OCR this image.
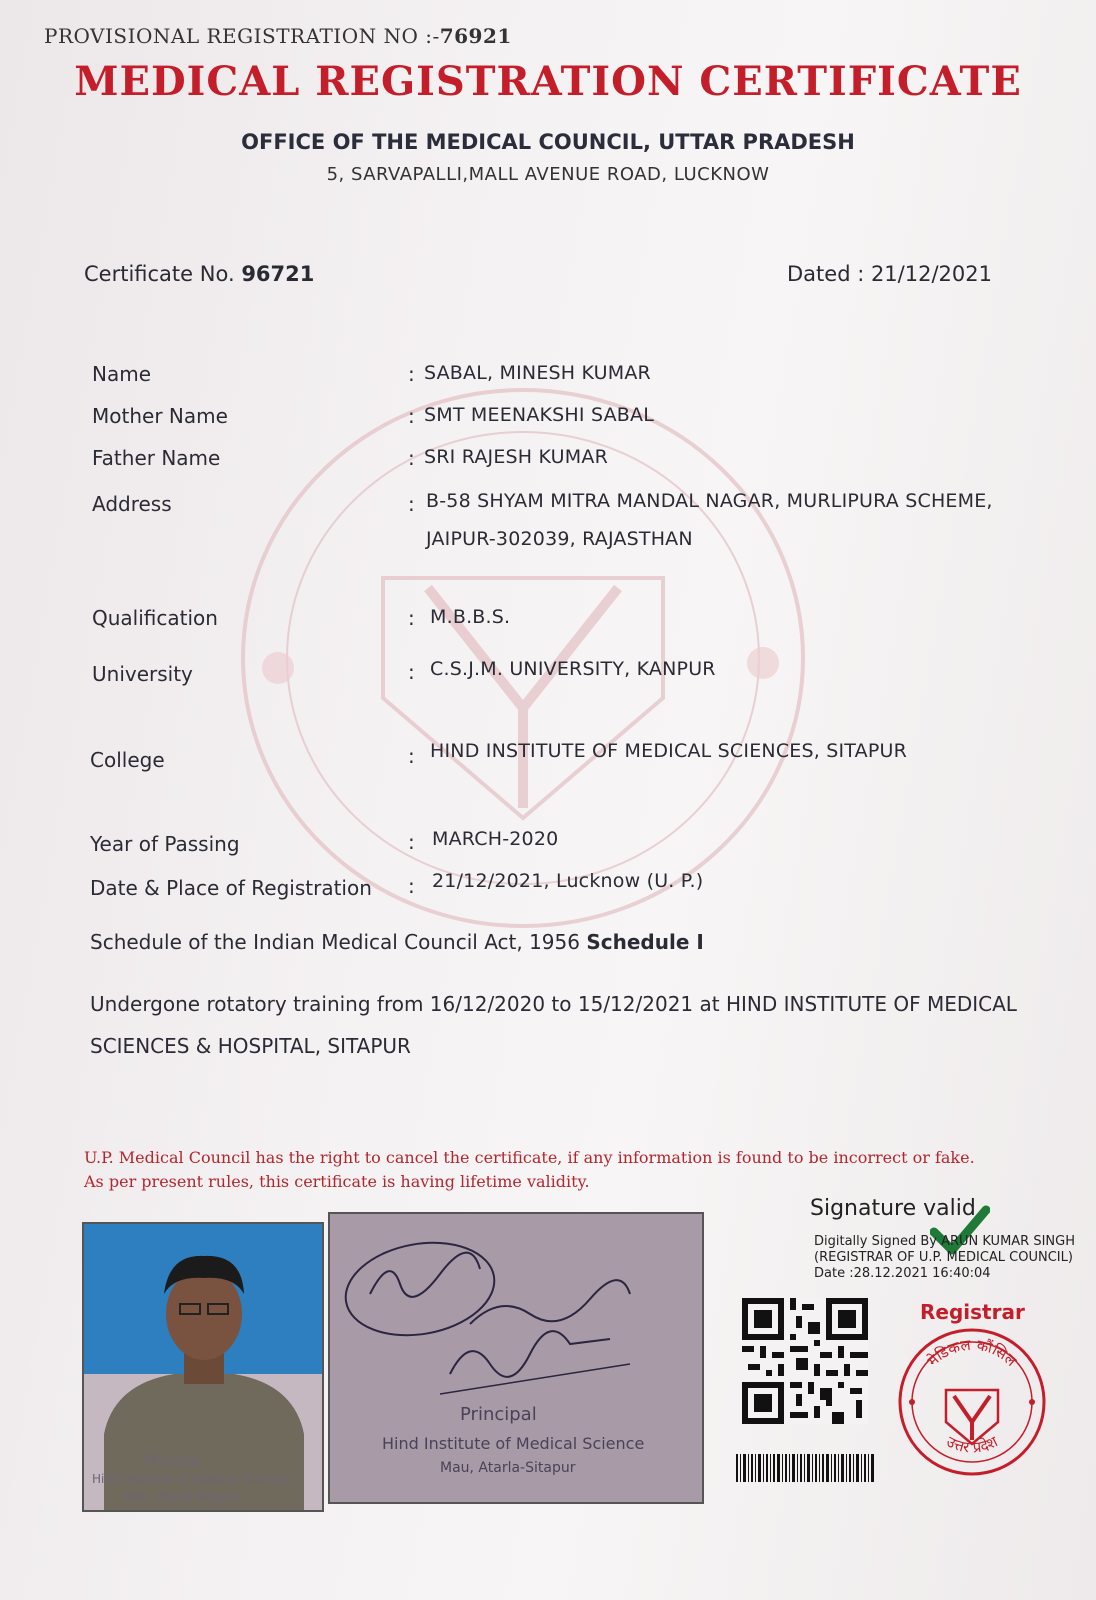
PROVISIONAL REGISTRATION NO :-76921
MEDICAL REGISTRATION CERTIFICATE
OFFICE OF THE MEDICAL COUNCIL, UTTAR PRADESH
5, SARVAPALLI,MALL AVENUE ROAD, LUCKNOW
Certificate No. 96721	Dated : 21/12/2021
Name	: SABAL, MINESH KUMAR
Mother Name	: SMT MEENAKSHI SABAL
Father Name	: SRI RAJESH KUMAR
Address	: B-58 SHYAM MITRA MANDAL NAGAR, MURLIPURA SCHEME,
JAIPUR-302039, RAJASTHAN
Qualification	: M.B.B.S.
University	: C.S.J.M. UNIVERSITY, KANPUR
College	: HIND INSTITUTE OF MEDICAL SCIENCES, SITAPUR
Year of Passing	: MARCH-2020
Date & Place of Registration : 21/12/2021, Lucknow (U. P.)
Schedule of the Indian Medical Council Act, 1956 Schedule I
Undergone rotatory training from 16/12/2020 to 15/12/2021 at HIND INSTITUTE OF MEDICAL
SCIENCES & HOSPITAL, SITAPUR
U.P. Medical Council has the right to cancel the certificate, if any information is found to be incorrect or fake.
As per present rules, this certificate is having lifetime validity.
Principal
Hind Institute of Medical Science
Mau, Atarla-Sitapur
Principal
Hind Institute of Medical Science
Mau, Atarla-Sitapur
Signature valid
Digitally Signed By ARUN KUMAR SINGH
(REGISTRAR OF U.P. MEDICAL COUNCIL)
Date :28.12.2021 16:40:04
Registrar
मेडिकल कौंसिल
उत्तर प्रदेश
